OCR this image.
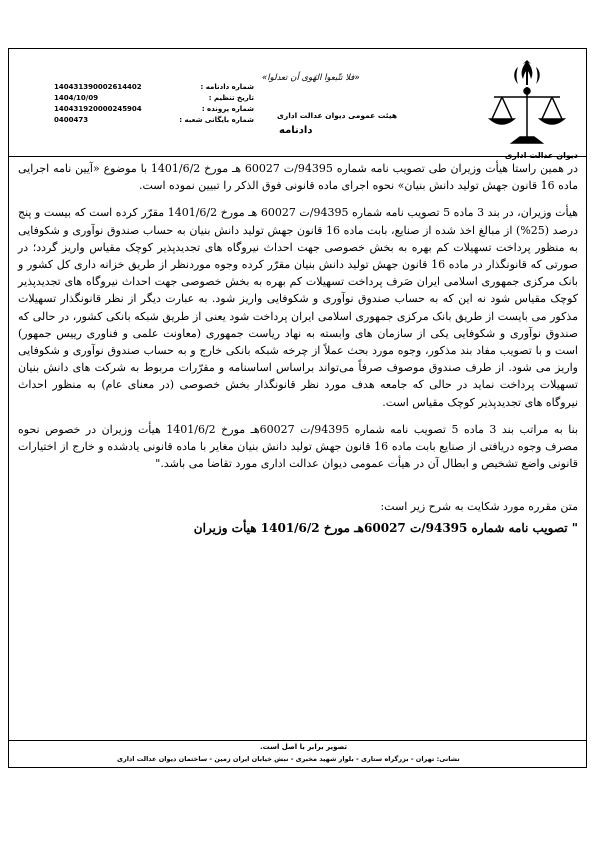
دیوان عدالت اداری
«فلا تتّبعوا الهَوی أن تعدلوا»
هیئت عمومی دیوان عدالت اداری
دادنامه
شماره دادنامه :
140431390002614402
تاریخ تنظیم :
1404/10/09
شماره پرونده :
140431920000245904
شماره بایگانی شعبه :
0400473

در همین راستا هیأت وزیران طی تصویب نامه شماره 94395/ت 60027 هـ مورخ 1401/6/2 با موضوع «آیین نامه اجرایی ماده 16 قانون جهش تولید دانش بنیان» نحوه اجرای ماده قانونی فوق الذکر را تبیین نموده است.

هیأت وزیران، در بند 3 ماده 5 تصویب نامه شماره 94395/ت 60027 هـ مورخ 1401/6/2 مقرّر کرده است که بیست و پنج درصد (25%) از مبالغ اخذ شده از صنایع، بابت ماده 16 قانون جهش تولید دانش بنیان به حساب صندوق نوآوری و شکوفایی به منظور پرداخت تسهیلات کم بهره به بخش خصوصی جهت احداث نیروگاه های تجدیدپذیر کوچک مقیاس واریز گردد؛ در صورتی که قانونگذار در ماده 16 قانون جهش تولید دانش بنیان مقرّر کرده وجوه موردنظر از طریق خزانه داری کل کشور و بانک مرکزی جمهوری اسلامی ایران صَرف پرداخت تسهیلات کم بهره به بخش خصوصی جهت احداث نیروگاه های تجدیدپذیر کوچک مقیاس شود نه این که به حساب صندوق نوآوری و شکوفایی واریز شود. به عبارت دیگر از نظر قانونگذار تسهیلات مذکور می بایست از طریق بانک مرکزی جمهوری اسلامی ایران پرداخت شود یعنی از طریق شبکه بانکی کشور، در حالی که صندوق نوآوری و شکوفایی یکی از سازمان های وابسته به نهاد ریاست جمهوری (معاونت علمی و فناوری رییس جمهور) است و با تصویب مفاد بند مذکور، وجوه مورد بحث عملاً از چرخه شبکه بانکی خارج و به حساب صندوق نوآوری و شکوفایی واریز می شود. از طرف صندوق موصوف صرفاً می‌تواند براساس اساسنامه و مقرّرات مربوط به شرکت های دانش بنیان تسهیلات پرداخت نماید در حالی که جامعه هدف مورد نظر قانونگذار بخش خصوصی (در معنای عام) به منظور احداث نیروگاه های تجدیدپذیر کوچک مقیاس است.

بنا به مراتب بند 3 ماده 5 تصویب نامه شماره 94395/ت 60027هـ مورخ 1401/6/2 هیأت وزیران در خصوص نحوه مصرف وجوه دریافتی از صنایع بابت ماده 16 قانون جهش تولید دانش بنیان مغایر با ماده قانونی یادشده و خارج از اختیارات قانونی واضع تشخیص و ابطال آن در هیأت عمومی دیوان عدالت اداری مورد تقاضا می باشد."

متن مقرره مورد شکایت به شرح زیر است:

" تصویب نامه شماره 94395/ت 60027هـ مورخ 1401/6/2 هیأت وزیران

تصویر برابر با اصل است.
نشانی: تهران - بزرگراه ستاری - بلوار شهید مخبری - نبش خیابان ایران زمین - ساختمان دیوان عدالت اداری
